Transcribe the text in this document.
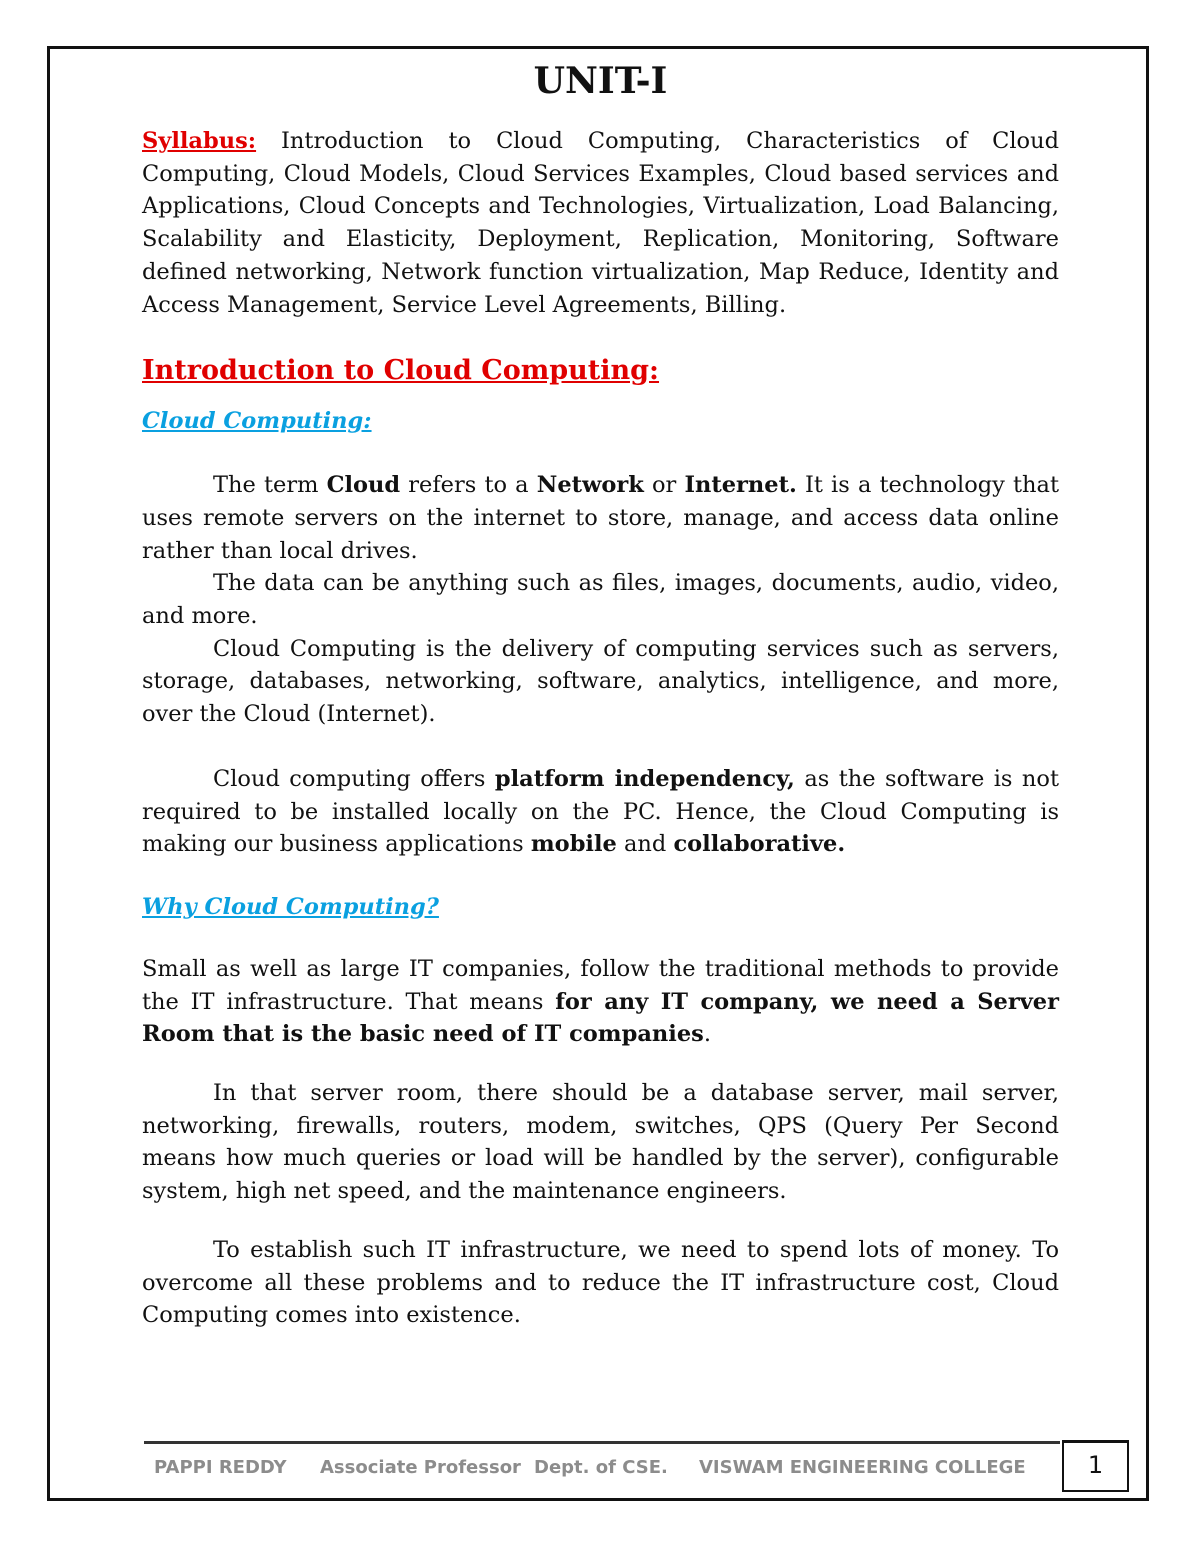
UNIT-I

Syllabus: Introduction to Cloud Computing, Characteristics of Cloud Computing, Cloud Models, Cloud Services Examples, Cloud based services and Applications, Cloud Concepts and Technologies, Virtualization, Load Balancing, Scalability and Elasticity, Deployment, Replication, Monitoring, Software defined networking, Network function virtualization, Map Reduce, Identity and Access Management, Service Level Agreements, Billing.

Introduction to Cloud Computing:
Cloud Computing:

The term Cloud refers to a Network or Internet. It is a technology that uses remote servers on the internet to store, manage, and access data online rather than local drives.

The data can be anything such as files, images, documents, audio, video, and more.

Cloud Computing is the delivery of computing services such as servers, storage, databases, networking, software, analytics, intelligence, and more, over the Cloud (Internet).

Cloud computing offers platform independency, as the software is not required to be installed locally on the PC. Hence, the Cloud Computing is making our business applications mobile and collaborative.

Why Cloud Computing?

Small as well as large IT companies, follow the traditional methods to provide the IT infrastructure. That means for any IT company, we need a Server Room that is the basic need of IT companies.

In that server room, there should be a database server, mail server, networking, firewalls, routers, modem, switches, QPS (Query Per Second means how much queries or load will be handled by the server), configurable system, high net speed, and the maintenance engineers.

To establish such IT infrastructure, we need to spend lots of money. To overcome all these problems and to reduce the IT infrastructure cost, Cloud Computing comes into existence.

PAPPI REDDY Associate Professor Dept. of CSE. VISWAM ENGINEERING COLLEGE	1
